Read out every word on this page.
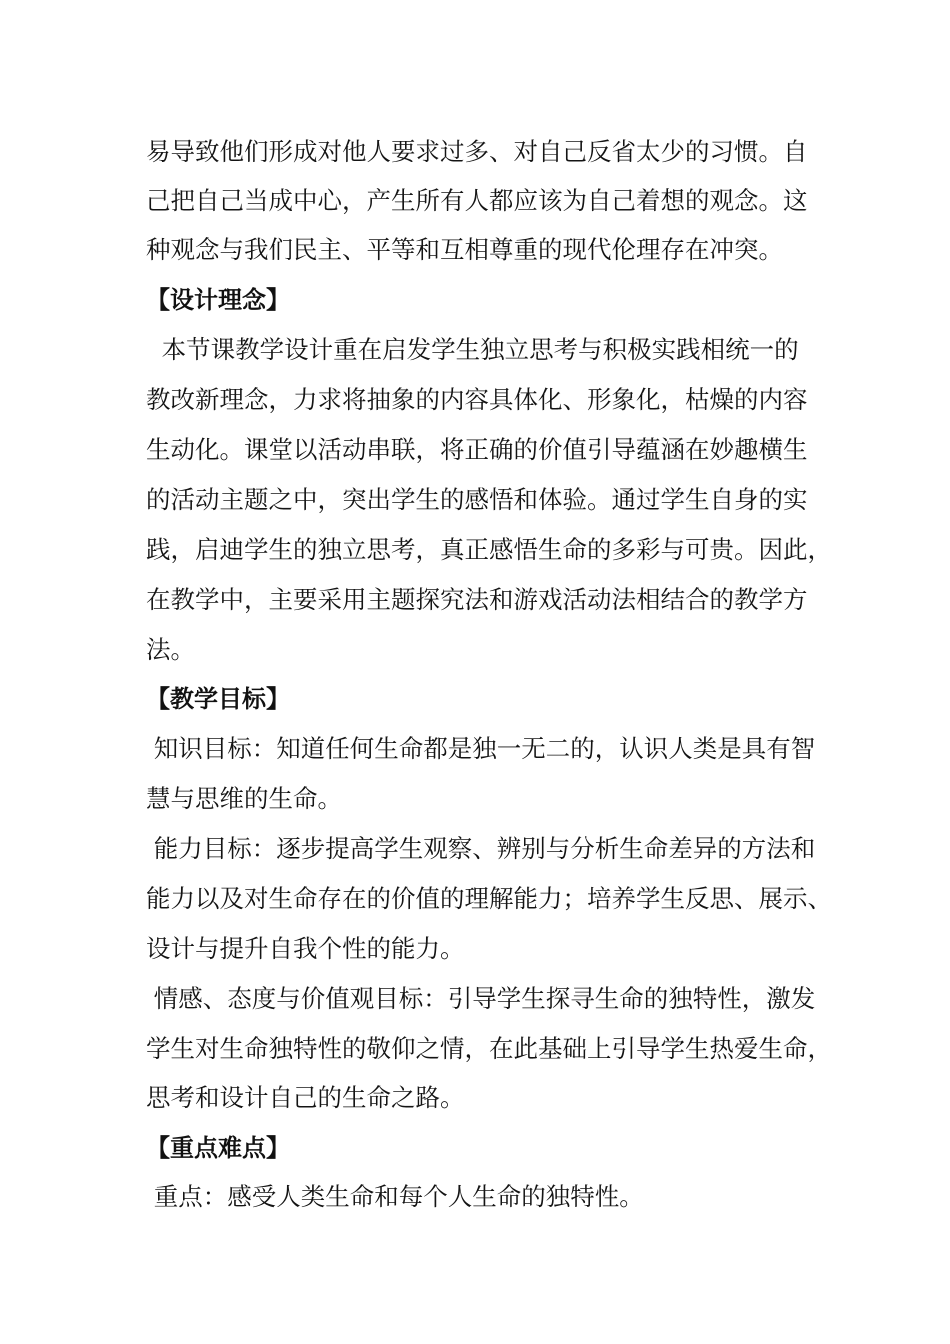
易导致他们形成对他人要求过多、对自己反省太少的习惯。自
己把自己当成中心，产生所有人都应该为自己着想的观念。这
种观念与我们民主、平等和互相尊重的现代伦理存在冲突。
【设计理念】
本节课教学设计重在启发学生独立思考与积极实践相统一的
教改新理念，力求将抽象的内容具体化、形象化，枯燥的内容
生动化。课堂以活动串联，将正确的价值引导蕴涵在妙趣横生
的活动主题之中，突出学生的感悟和体验。通过学生自身的实
践，启迪学生的独立思考，真正感悟生命的多彩与可贵。因此，
在教学中，主要采用主题探究法和游戏活动法相结合的教学方
法。
【教学目标】
知识目标：知道任何生命都是独一无二的，认识人类是具有智
慧与思维的生命。
能力目标：逐步提高学生观察、辨别与分析生命差异的方法和
能力以及对生命存在的价值的理解能力；培养学生反思、展示、
设计与提升自我个性的能力。
情感、态度与价值观目标：引导学生探寻生命的独特性，激发
学生对生命独特性的敬仰之情，在此基础上引导学生热爱生命，
思考和设计自己的生命之路。
【重点难点】
重点：感受人类生命和每个人生命的独特性。
